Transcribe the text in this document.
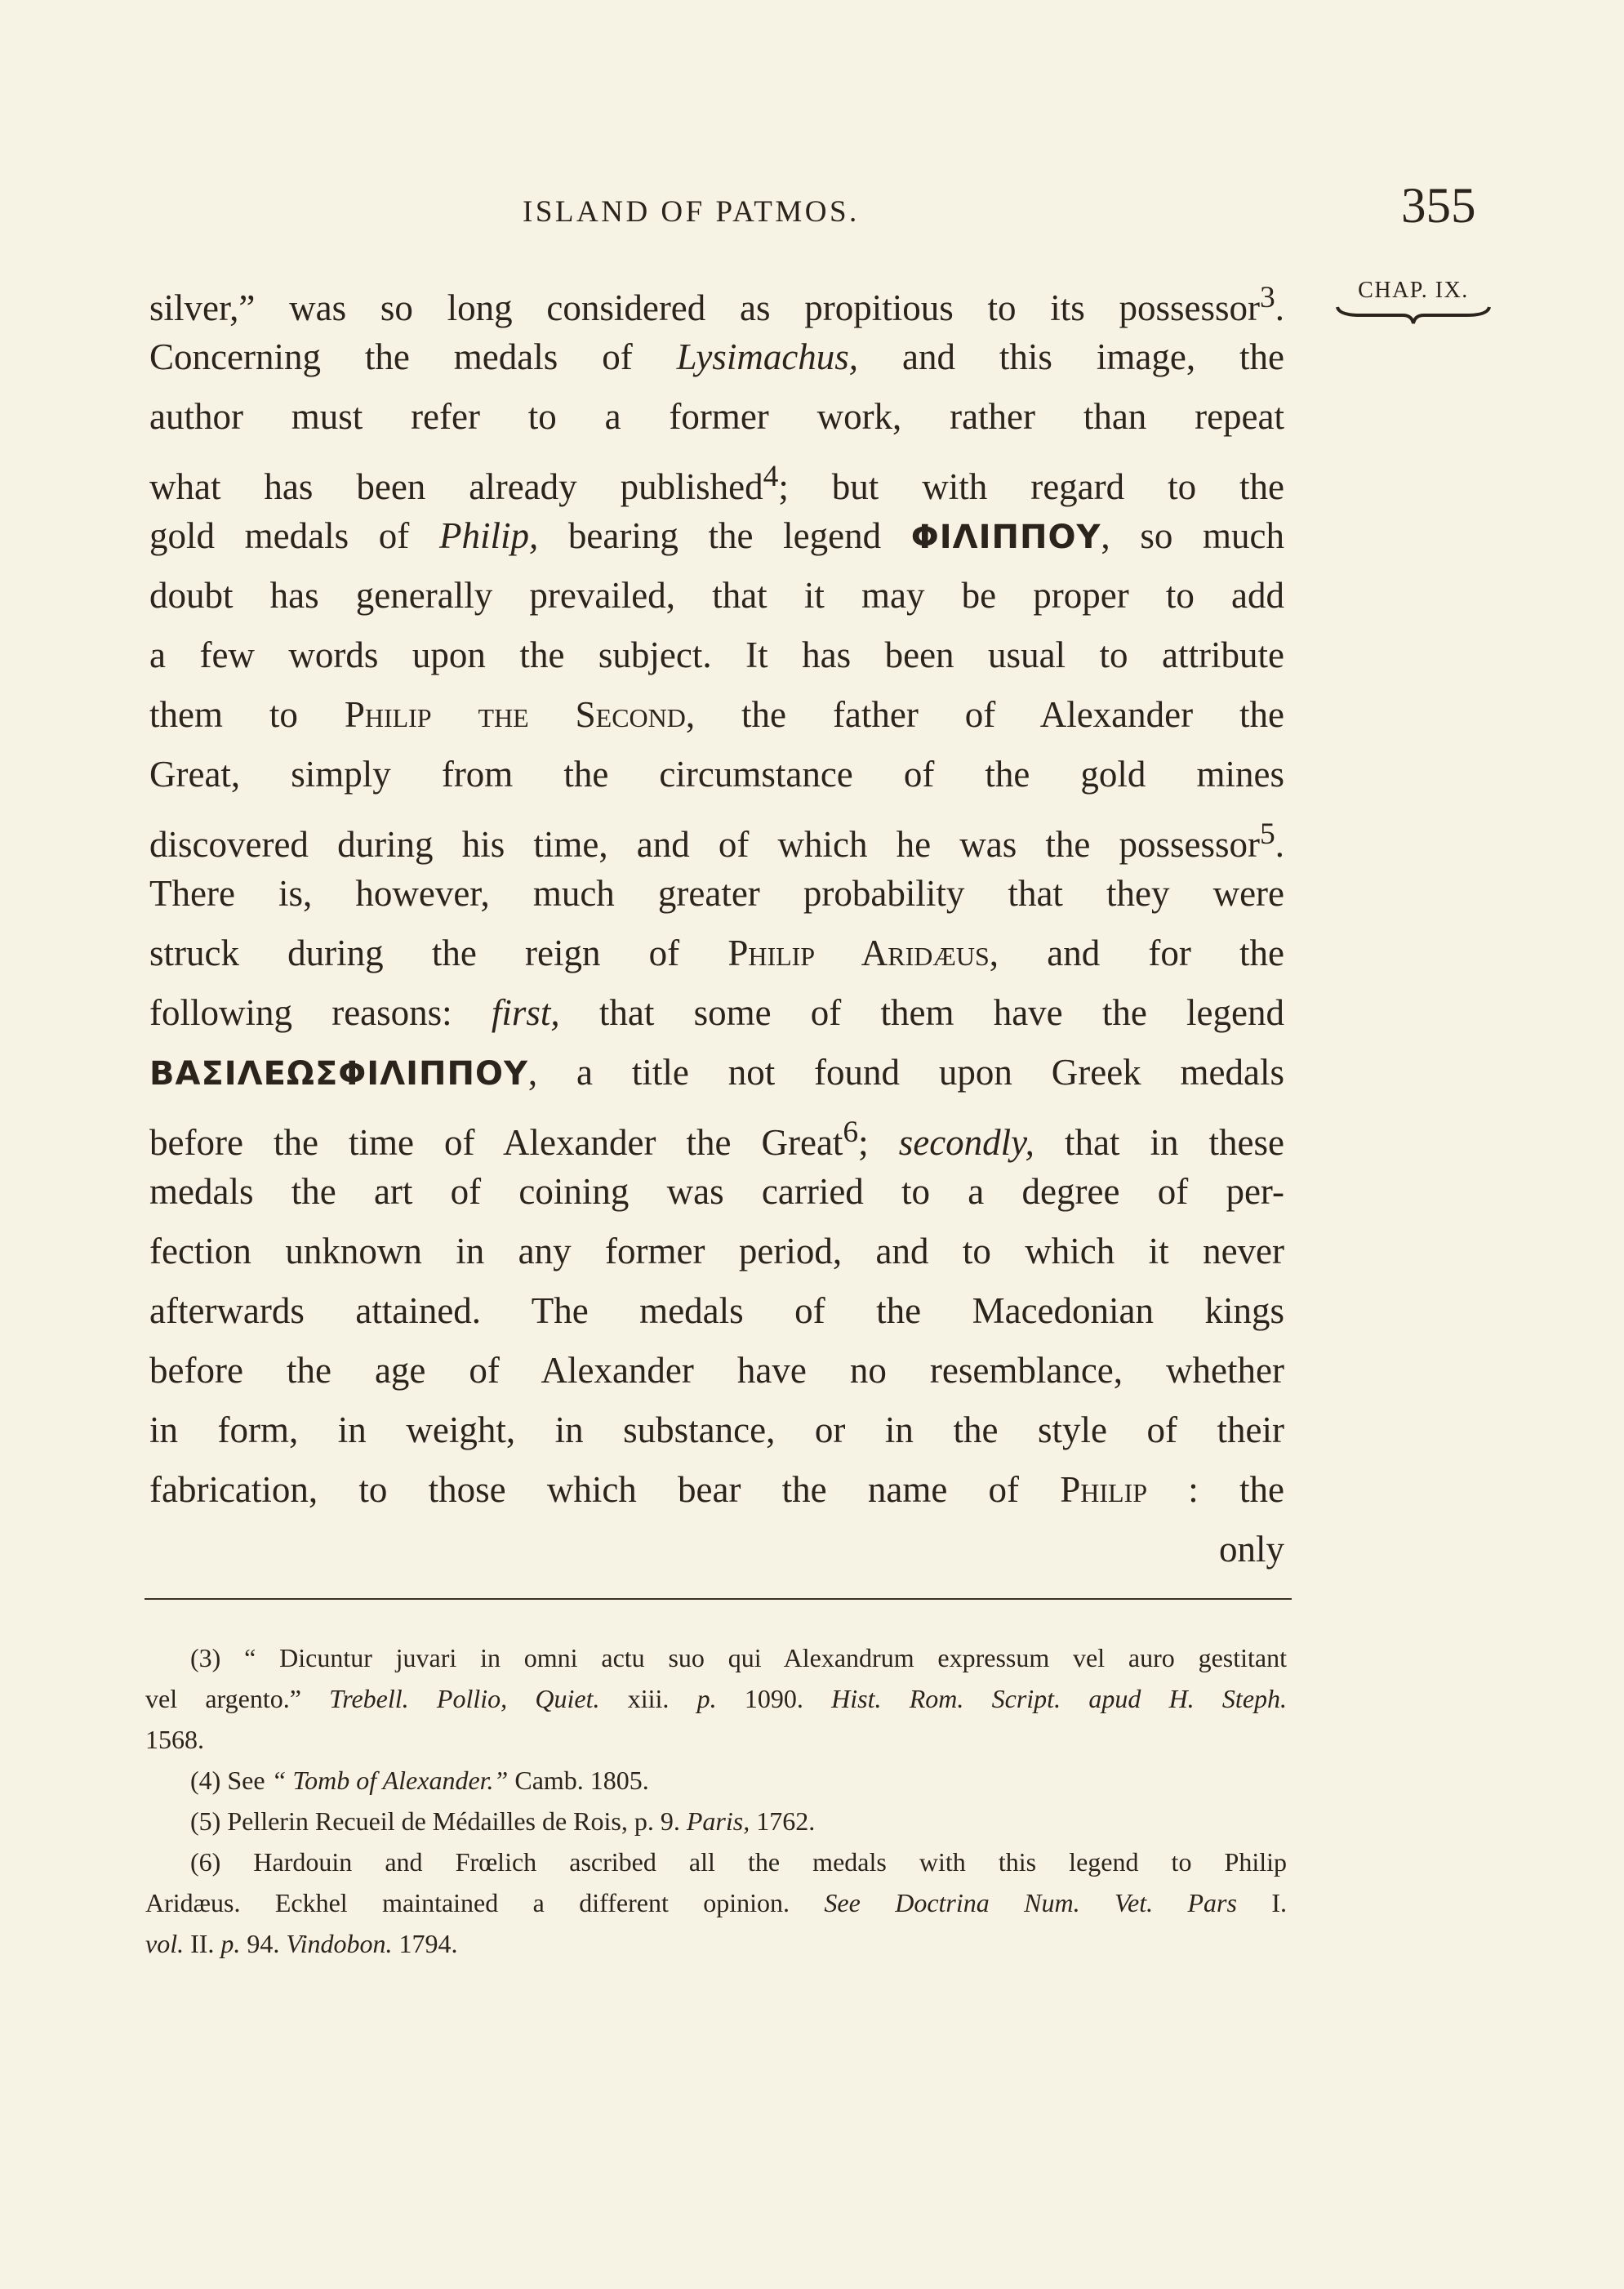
ISLAND OF PATMOS.	355
CHAP. IX.
silver,” was so long considered as propitious to its possessor$^3$.
Concerning the medals of Lysimachus, and this image, the
author must refer to a former work, rather than repeat
what has been already published$^4$; but with regard to the
gold medals of Philip, bearing the legend ΦΙΛΙΠΠΟΥ, so much
doubt has generally prevailed, that it may be proper to add
a few words upon the subject. It has been usual to attribute
them to Philip the Second, the father of Alexander the
Great, simply from the circumstance of the gold mines
discovered during his time, and of which he was the possessor$^5$.
There is, however, much greater probability that they were
struck during the reign of Philip Aridæus, and for the
following reasons: first, that some of them have the legend
ΒΑΣΙΛΕΩΣΦΙΛΙΠΠΟΥ, a title not found upon Greek medals
before the time of Alexander the Great$^6$; secondly, that in these
medals the art of coining was carried to a degree of per-
fection unknown in any former period, and to which it never
afterwards attained. The medals of the Macedonian kings
before the age of Alexander have no resemblance, whether
in form, in weight, in substance, or in the style of their
fabrication, to those which bear the name of Philip : the
only
(3) “ Dicuntur juvari in omni actu suo qui Alexandrum expressum vel auro gestitant
vel argento.” Trebell. Pollio, Quiet. xiii. p. 1090. Hist. Rom. Script. apud H. Steph.
1568.
(4) See “ Tomb of Alexander.” Camb. 1805.
(5) Pellerin Recueil de Médailles de Rois, p. 9. Paris, 1762.
(6) Hardouin and Frœlich ascribed all the medals with this legend to Philip
Aridæus. Eckhel maintained a different opinion. See Doctrina Num. Vet. Pars I.
vol. II. p. 94. Vindobon. 1794.
